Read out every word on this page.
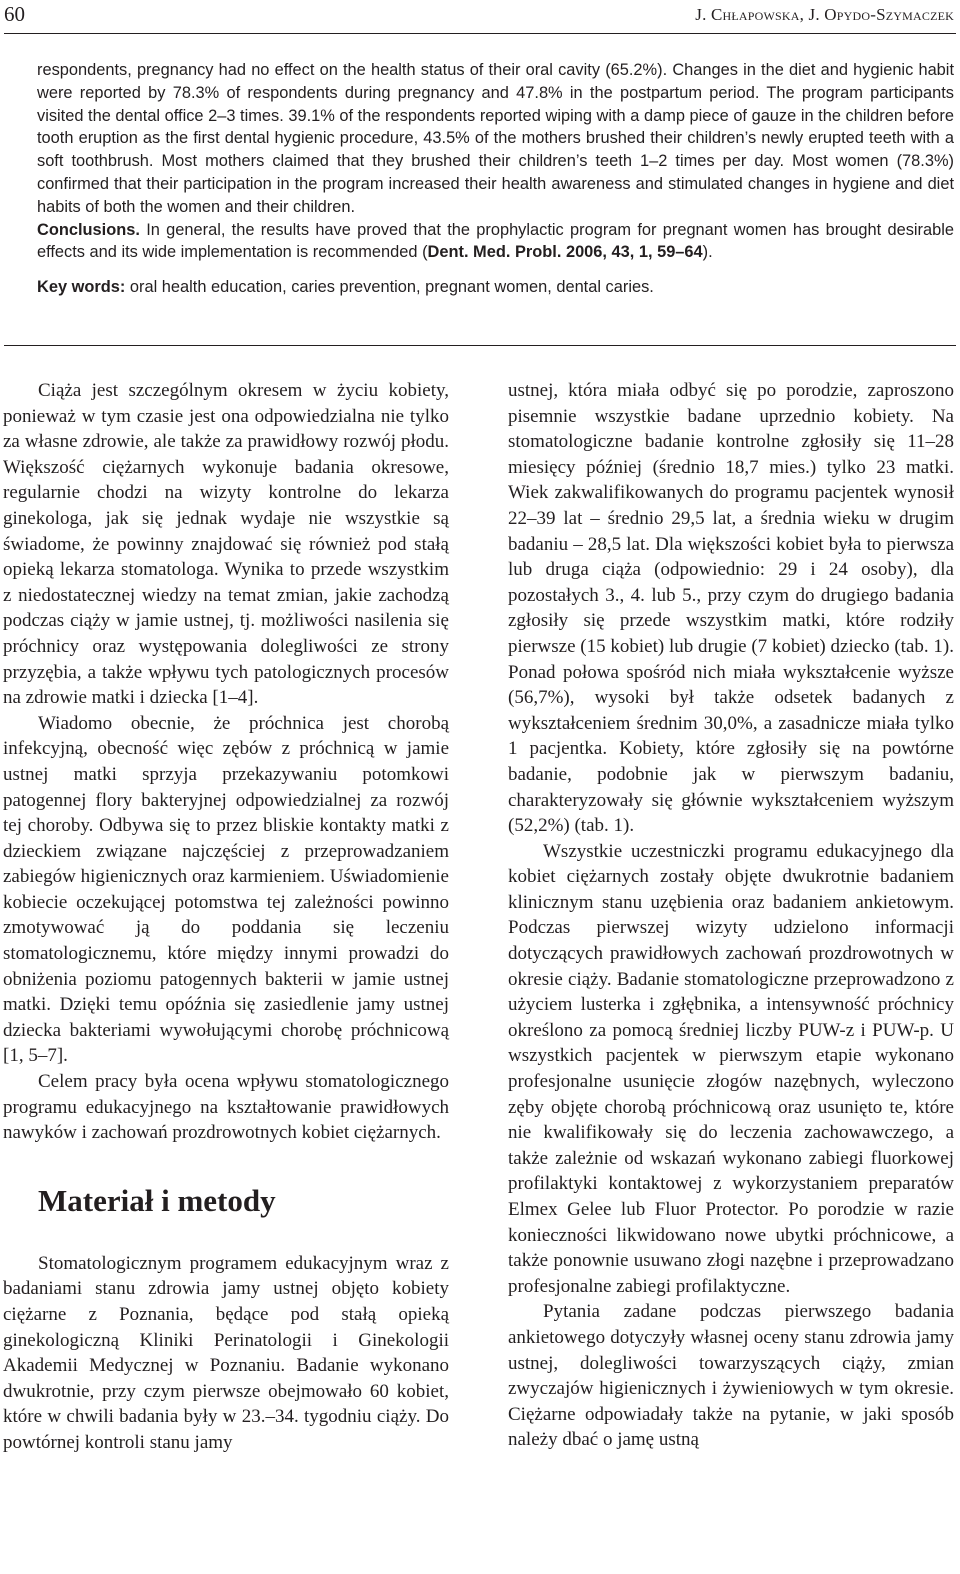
60	J. Chłapowska, J. Opydo-Szymaczek

respondents, pregnancy had no effect on the health status of their oral cavity (65.2%). Changes in the diet and hygienic habit were reported by 78.3% of respondents during pregnancy and 47.8% in the postpartum period. The program participants visited the dental office 2–3 times. 39.1% of the respondents reported wiping with a damp piece of gauze in the children before tooth eruption as the first dental hygienic procedure, 43.5% of the mothers brushed their children’s newly erupted teeth with a soft toothbrush. Most mothers claimed that they brushed their children’s teeth 1–2 times per day. Most women (78.3%) confirmed that their participation in the program increased their health awareness and stimulated changes in hygiene and diet habits of both the women and their children.

Conclusions. In general, the results have proved that the prophylactic program for pregnant women has brought desirable effects and its wide implementation is recommended (Dent. Med. Probl. 2006, 43, 1, 59–64).

Key words: oral health education, caries prevention, pregnant women, dental caries.

Ciąża jest szczególnym okresem w życiu kobiety, ponieważ w tym czasie jest ona odpowiedzialna nie tylko za własne zdrowie, ale także za prawidłowy rozwój płodu. Większość ciężarnych wykonuje badania okresowe, regularnie chodzi na wizyty kontrolne do lekarza ginekologa, jak się jednak wydaje nie wszystkie są świadome, że powinny znajdować się również pod stałą opieką lekarza stomatologa. Wynika to przede wszystkim z niedostatecznej wiedzy na temat zmian, jakie zachodzą podczas ciąży w jamie ustnej, tj. możliwości nasilenia się próchnicy oraz występowania dolegliwości ze strony przyzębia, a także wpływu tych patologicznych procesów na zdrowie matki i dziecka [1–4].

Wiadomo obecnie, że próchnica jest chorobą infekcyjną, obecność więc zębów z próchnicą w jamie ustnej matki sprzyja przekazywaniu potomkowi patogennej flory bakteryjnej odpowiedzialnej za rozwój tej choroby. Odbywa się to przez bliskie kontakty matki z dzieckiem związane najczęściej z przeprowadzaniem zabiegów higienicznych oraz karmieniem. Uświadomienie kobiecie oczekującej potomstwa tej zależności powinno zmotywować ją do poddania się leczeniu stomatologicznemu, które między innymi prowadzi do obniżenia poziomu patogennych bakterii w jamie ustnej matki. Dzięki temu opóźnia się zasiedlenie jamy ustnej dziecka bakteriami wywołującymi chorobę próchnicową [1, 5–7].

Celem pracy była ocena wpływu stomatologicznego programu edukacyjnego na kształtowanie prawidłowych nawyków i zachowań prozdrowotnych kobiet ciężarnych.

Materiał i metody

Stomatologicznym programem edukacyjnym wraz z badaniami stanu zdrowia jamy ustnej objęto kobiety ciężarne z Poznania, będące pod stałą opieką ginekologiczną Kliniki Perinatologii i Ginekologii Akademii Medycznej w Poznaniu. Badanie wykonano dwukrotnie, przy czym pierwsze obejmowało 60 kobiet, które w chwili badania były w 23.–34. tygodniu ciąży. Do powtórnej kontroli stanu jamy

ustnej, która miała odbyć się po porodzie, zaproszono pisemnie wszystkie badane uprzednio kobiety. Na stomatologiczne badanie kontrolne zgłosiły się 11–28 miesięcy później (średnio 18,7 mies.) tylko 23 matki. Wiek zakwalifikowanych do programu pacjentek wynosił 22–39 lat – średnio 29,5 lat, a średnia wieku w drugim badaniu – 28,5 lat. Dla większości kobiet była to pierwsza lub druga ciąża (odpowiednio: 29 i 24 osoby), dla pozostałych 3., 4. lub 5., przy czym do drugiego badania zgłosiły się przede wszystkim matki, które rodziły pierwsze (15 kobiet) lub drugie (7 kobiet) dziecko (tab. 1). Ponad połowa spośród nich miała wykształcenie wyższe (56,7%), wysoki był także odsetek badanych z wykształceniem średnim 30,0%, a zasadnicze miała tylko 1 pacjentka. Kobiety, które zgłosiły się na powtórne badanie, podobnie jak w pierwszym badaniu, charakteryzowały się głównie wykształceniem wyższym (52,2%) (tab. 1).

Wszystkie uczestniczki programu edukacyjnego dla kobiet ciężarnych zostały objęte dwukrotnie badaniem klinicznym stanu uzębienia oraz badaniem ankietowym. Podczas pierwszej wizyty udzielono informacji dotyczących prawidłowych zachowań prozdrowotnych w okresie ciąży. Badanie stomatologiczne przeprowadzono z użyciem lusterka i zgłębnika, a intensywność próchnicy określono za pomocą średniej liczby PUW-z i PUW-p. U wszystkich pacjentek w pierwszym etapie wykonano profesjonalne usunięcie złogów nazębnych, wyleczono zęby objęte chorobą próchnicową oraz usunięto te, które nie kwalifikowały się do leczenia zachowawczego, a także zależnie od wskazań wykonano zabiegi fluorkowej profilaktyki kontaktowej z wykorzystaniem preparatów Elmex Gelee lub Fluor Protector. Po porodzie w razie konieczności likwidowano nowe ubytki próchnicowe, a także ponownie usuwano złogi nazębne i przeprowadzano profesjonalne zabiegi profilaktyczne.

Pytania zadane podczas pierwszego badania ankietowego dotyczyły własnej oceny stanu zdrowia jamy ustnej, dolegliwości towarzyszących ciąży, zmian zwyczajów higienicznych i żywieniowych w tym okresie. Ciężarne odpowiadały także na pytanie, w jaki sposób należy dbać o jamę ustną
